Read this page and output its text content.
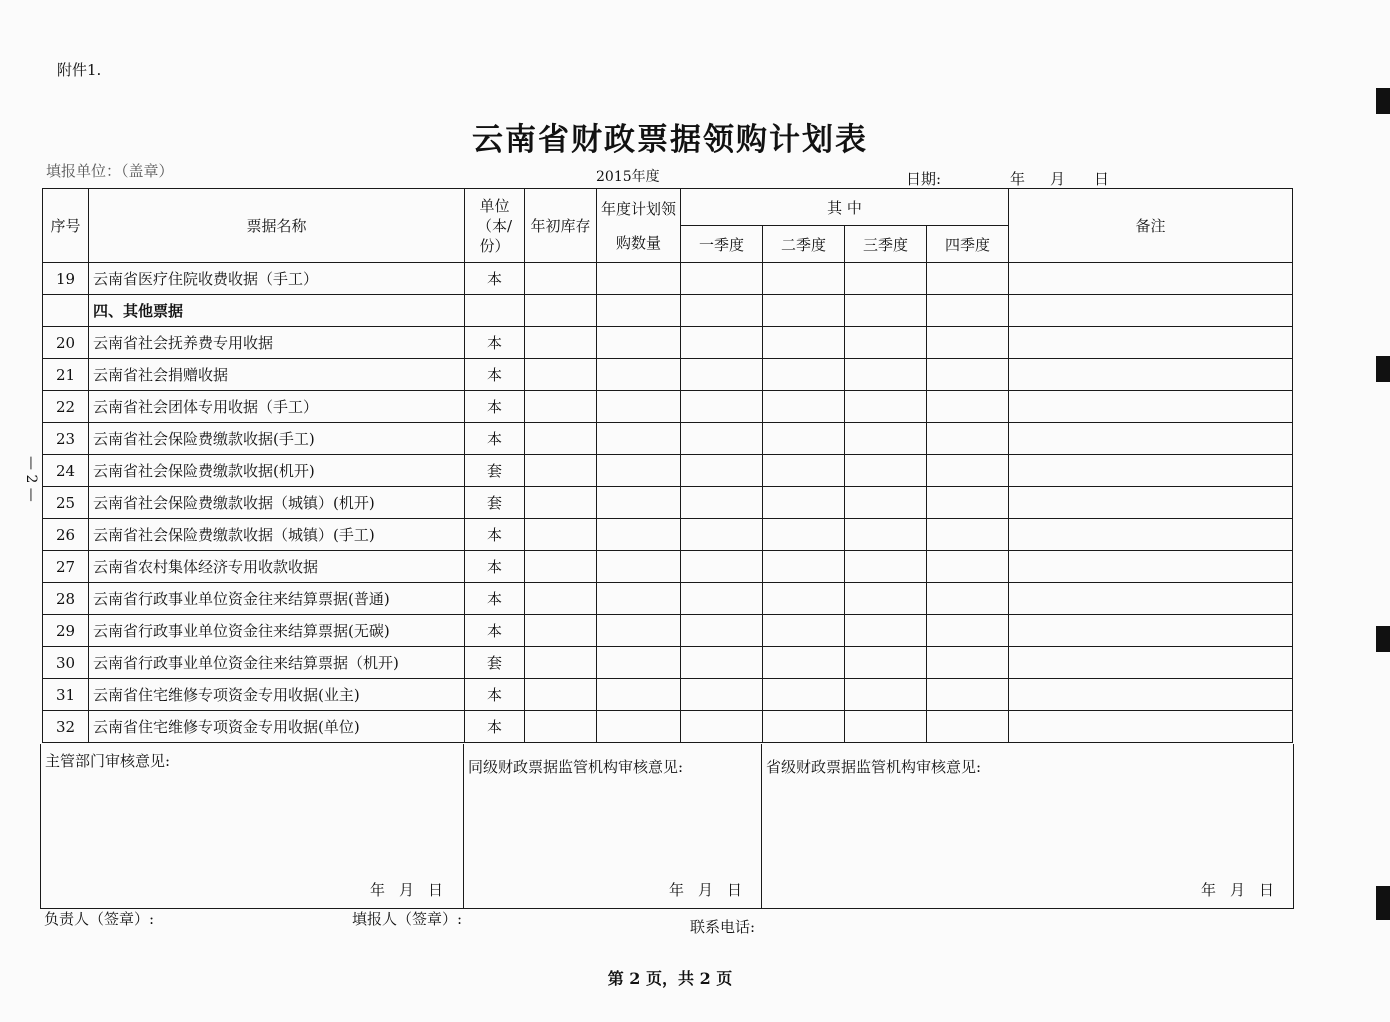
附件1.
云南省财政票据领购计划表
填报单位：（盖章）	2015年度	日期:	年 月 日
— 2 —
序号	票据名称	单位（本/份）	年初库存	年度计划领购数量	其 中				备注
					一季度	二季度	三季度	四季度	
19	云南省医疗住院收费收据（手工）	本							
	四、其他票据								
20	云南省社会抚养费专用收据	本							
21	云南省社会捐赠收据	本							
22	云南省社会团体专用收据（手工）	本							
23	云南省社会保险费缴款收据(手工)	本							
24	云南省社会保险费缴款收据(机开)	套							
25	云南省社会保险费缴款收据（城镇）(机开)	套							
26	云南省社会保险费缴款收据（城镇）(手工)	本							
27	云南省农村集体经济专用收款收据	本							
28	云南省行政事业单位资金往来结算票据(普通)	本							
29	云南省行政事业单位资金往来结算票据(无碳)	本							
30	云南省行政事业单位资金往来结算票据（机开)	套							
31	云南省住宅维修专项资金专用收据(业主)	本							
32	云南省住宅维修专项资金专用收据(单位)	本							
主管部门审核意见:
年月日
同级财政票据监管机构审核意见:
年月日
省级财政票据监管机构审核意见:
年月日
负责人（签章）:	填报人（签章）:	联系电话:
第 2 页，共 2 页
